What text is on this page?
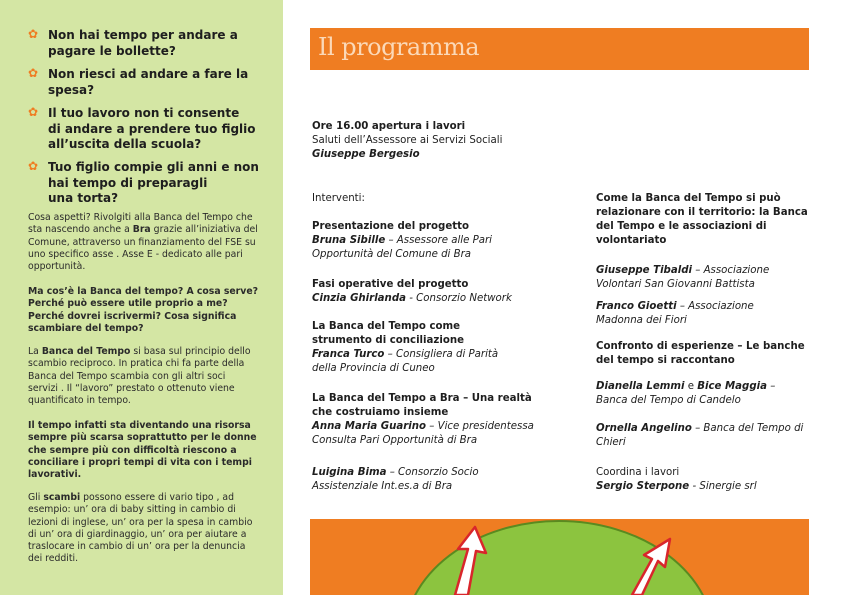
✿ Non hai tempo per andare a
pagare le bollette?
✿ Non riesci ad andare a fare la
spesa?
✿ Il tuo lavoro non ti consente
di andare a prendere tuo figlio
all’uscita della scuola?
✿ Tuo figlio compie gli anni e non
hai tempo di preparagli
una torta?
Cosa aspetti? Rivolgiti alla Banca del Tempo che sta nascendo anche a Bra grazie all’iniziativa del Comune, attraverso un finanziamento del FSE su uno specifico asse . Asse E - dedicato alle pari opportunità.
Ma cos’è la Banca del tempo? A cosa serve? Perché può essere utile proprio a me? Perché dovrei iscrivermi? Cosa significa scambiare del tempo?
La Banca del Tempo si basa sul principio dello scambio reciproco. In pratica chi fa parte della Banca del Tempo scambia con gli altri soci servizi . Il “lavoro” prestato o ottenuto viene quantificato in tempo.
Il tempo infatti sta diventando una risorsa sempre più scarsa soprattutto per le donne che sempre più con difficoltà riescono a conciliare i propri tempi di vita con i tempi lavorativi.
Gli scambi possono essere di vario tipo , ad esempio: un’ ora di baby sitting in cambio di lezioni di inglese, un’ ora per la spesa in cambio di un’ ora di giardinaggio, un’ ora per aiutare a traslocare in cambio di un’ ora per la denuncia dei redditi.
Il programma
Ore 16.00 apertura i lavori
Saluti dell’Assessore ai Servizi Sociali
Giuseppe Bergesio
Interventi:
Presentazione del progetto
Bruna Sibille – Assessore alle Pari Opportunità del Comune di Bra
Fasi operative del progetto
Cinzia Ghirlanda - Consorzio Network
La Banca del Tempo come strumento di conciliazione
Franca Turco – Consigliera di Parità della Provincia di Cuneo
La Banca del Tempo a Bra – Una realtà che costruiamo insieme
Anna Maria Guarino – Vice presidentessa Consulta Pari Opportunità di Bra
Luigina Bima – Consorzio Socio Assistenziale Int.es.a di Bra
Come la Banca del Tempo si può relazionare con il territorio: la Banca del Tempo e le associazioni di volontariato
Giuseppe Tibaldi – Associazione Volontari San Giovanni Battista
Franco Gioetti – Associazione Madonna dei Fiori
Confronto di esperienze – Le banche del tempo si raccontano
Dianella Lemmi e Bice Maggia – Banca del Tempo di Candelo
Ornella Angelino – Banca del Tempo di Chieri
Coordina i lavori
Sergio Sterpone - Sinergie srl
